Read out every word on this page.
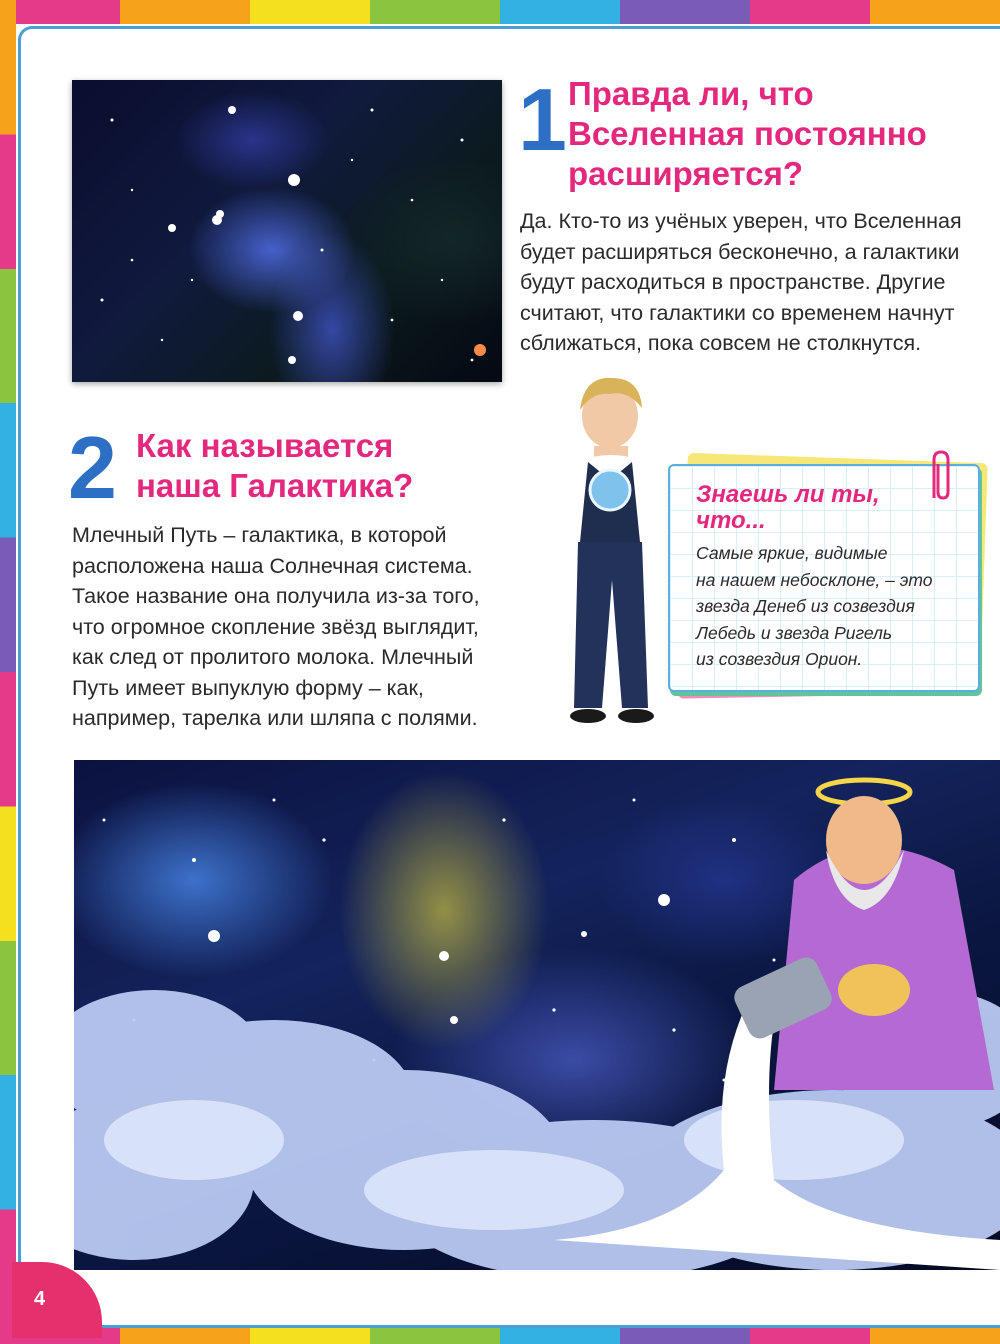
1 Правда ли, что
Вселенная постоянно
расширяется?
Да. Кто-то из учёных уверен, что Вселенная
будет расширяться бесконечно, а галактики
будут расходиться в пространстве. Другие
считают, что галактики со временем начнут
сближаться, пока совсем не столкнутся.
2 Как называется
наша Галактика?
Млечный Путь – галактика, в которой
расположена наша Солнечная система.
Такое название она получила из-за того,
что огромное скопление звёзд выглядит,
как след от пролитого молока. Млечный
Путь имеет выпуклую форму – как,
например, тарелка или шляпа с полями.
Знаешь ли ты,
что...
Самые яркие, видимые
на нашем небосклоне, – это
звезда Денеб из созвездия
Лебедь и звезда Ригель
из созвездия Орион.
4
